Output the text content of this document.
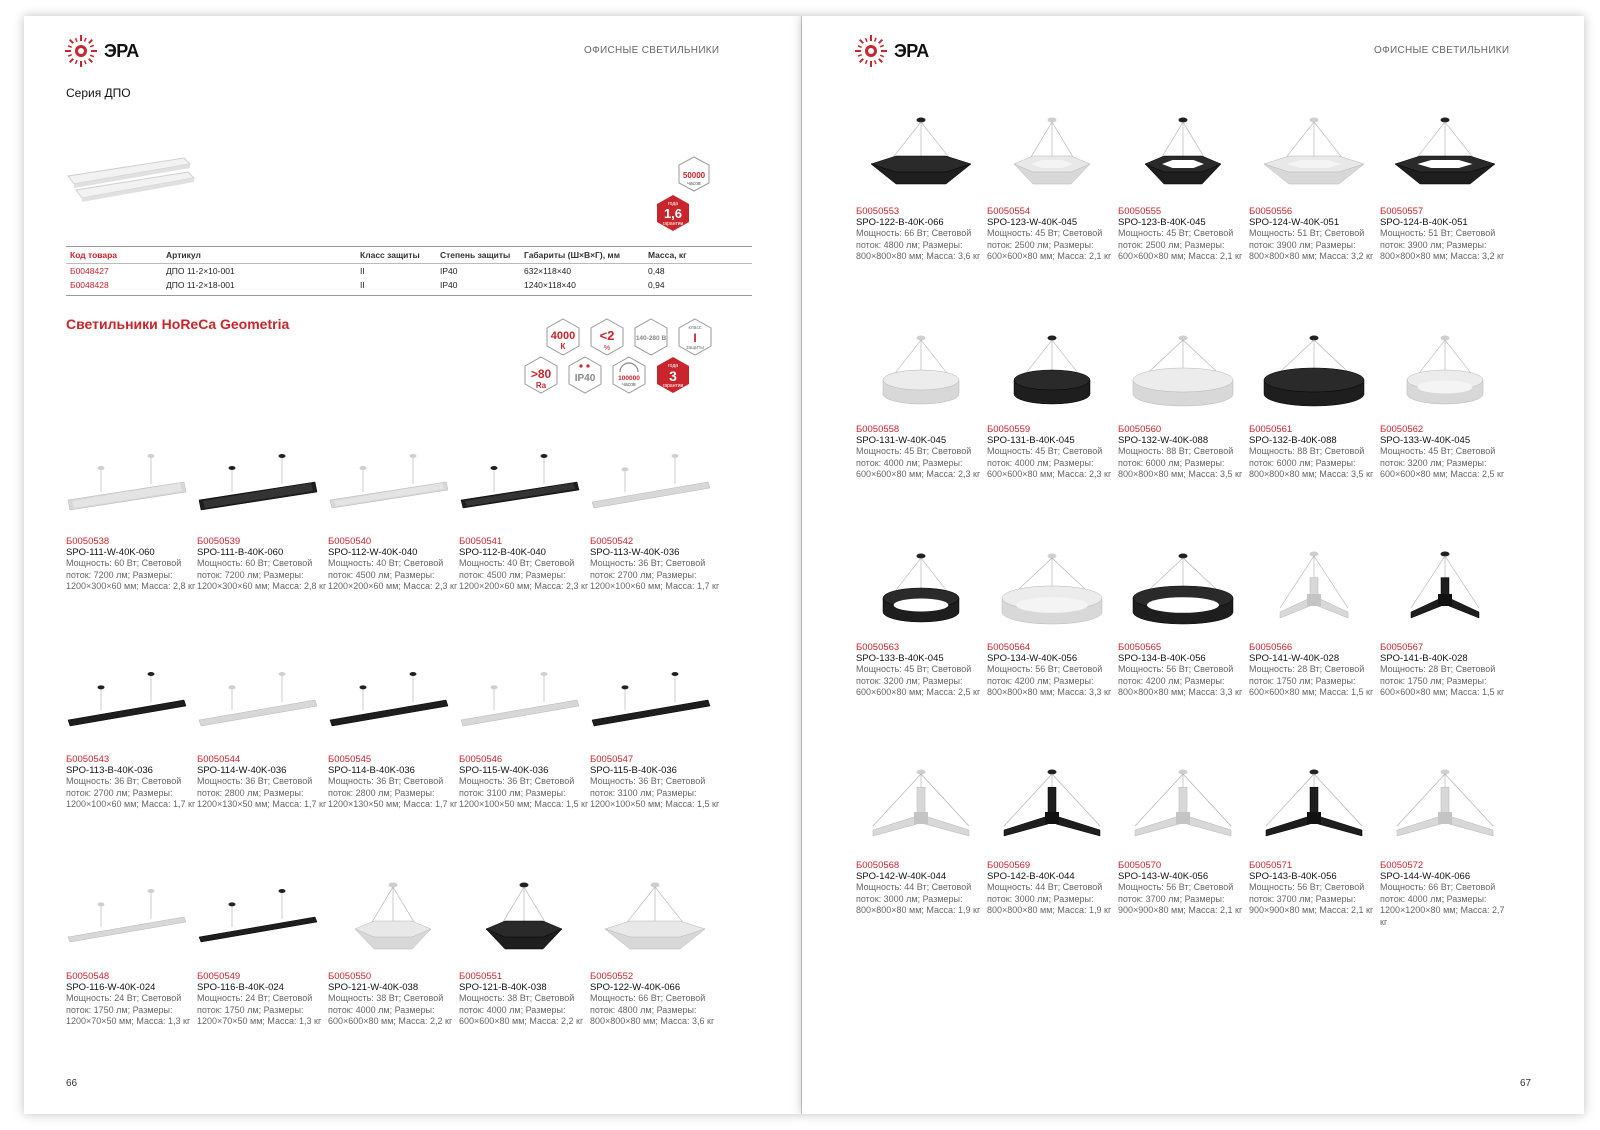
ЭРА	ОФИСНЫЕ СВЕТИЛЬНИКИ
Серия ДПО
50000
часов
года
1,6
гарантии
Код товара	Артикул	Класс защиты	Степень защиты	Габариты (Ш×В×Г), мм	Масса, кг
Б0048427	ДПО 11-2×10-001	II	IP40	632×118×40	0,48
Б0048428	ДПО 11-2×18-001	II	IP40	1240×118×40	0,94
Светильники HoReCa Geometria
4000
К
<2
%
140-280 В
класс
I
защиты
>80
Ra
IP40	100000
часов
года
3
гарантии
Б0050538
SPO-111-W-40K-060
Мощность: 60 Вт; Световой поток: 7200 лм; Размеры: 1200×300×60 мм; Масса: 2,8 кг
Б0050539
SPO-111-B-40K-060
Мощность: 60 Вт; Световой поток: 7200 лм; Размеры: 1200×300×60 мм; Масса: 2,8 кг
Б0050540
SPO-112-W-40K-040
Мощность: 40 Вт; Световой поток: 4500 лм; Размеры: 1200×200×60 мм; Масса: 2,3 кг
Б0050541
SPO-112-B-40K-040
Мощность: 40 Вт; Световой поток: 4500 лм; Размеры: 1200×200×60 мм; Масса: 2,3 кг
Б0050542
SPO-113-W-40K-036
Мощность: 36 Вт; Световой поток: 2700 лм; Размеры: 1200×100×60 мм; Масса: 1,7 кг
Б0050543
SPO-113-B-40K-036
Мощность: 36 Вт; Световой поток: 2700 лм; Размеры: 1200×100×60 мм; Масса: 1,7 кг
Б0050544
SPO-114-W-40K-036
Мощность: 36 Вт; Световой поток: 2800 лм; Размеры: 1200×130×50 мм; Масса: 1,7 кг
Б0050545
SPO-114-B-40K-036
Мощность: 36 Вт; Световой поток: 2800 лм; Размеры: 1200×130×50 мм; Масса: 1,7 кг
Б0050546
SPO-115-W-40K-036
Мощность: 36 Вт; Световой поток: 3100 лм; Размеры: 1200×100×50 мм; Масса: 1,5 кг
Б0050547
SPO-115-B-40K-036
Мощность: 36 Вт; Световой поток: 3100 лм; Размеры: 1200×100×50 мм; Масса: 1,5 кг
Б0050548
SPO-116-W-40K-024
Мощность: 24 Вт; Световой поток: 1750 лм; Размеры: 1200×70×50 мм; Масса: 1,3 кг
Б0050549
SPO-116-B-40K-024
Мощность: 24 Вт; Световой поток: 1750 лм; Размеры: 1200×70×50 мм; Масса: 1,3 кг
Б0050550
SPO-121-W-40K-038
Мощность: 38 Вт; Световой поток: 4000 лм; Размеры: 600×600×80 мм; Масса: 2,2 кг
Б0050551
SPO-121-B-40K-038
Мощность: 38 Вт; Световой поток: 4000 лм; Размеры: 600×600×80 мм; Масса: 2,2 кг
Б0050552
SPO-122-W-40K-066
Мощность: 66 Вт; Световой поток: 4800 лм; Размеры: 800×800×80 мм; Масса: 3,6 кг
66
ЭРА	ОФИСНЫЕ СВЕТИЛЬНИКИ
Б0050553
SPO-122-B-40K-066
Мощность: 66 Вт; Световой поток: 4800 лм; Размеры: 800×800×80 мм; Масса: 3,6 кг
Б0050554
SPO-123-W-40K-045
Мощность: 45 Вт; Световой поток: 2500 лм; Размеры: 600×600×80 мм; Масса: 2,1 кг
Б0050555
SPO-123-B-40K-045
Мощность: 45 Вт; Световой поток: 2500 лм; Размеры: 600×600×80 мм; Масса: 2,1 кг
Б0050556
SPO-124-W-40K-051
Мощность: 51 Вт; Световой поток: 3900 лм; Размеры: 800×800×80 мм; Масса: 3,2 кг
Б0050557
SPO-124-B-40K-051
Мощность: 51 Вт; Световой поток: 3900 лм; Размеры: 800×800×80 мм; Масса: 3,2 кг
Б0050558
SPO-131-W-40K-045
Мощность: 45 Вт; Световой поток: 4000 лм; Размеры: 600×600×80 мм; Масса: 2,3 кг
Б0050559
SPO-131-B-40K-045
Мощность: 45 Вт; Световой поток: 4000 лм; Размеры: 600×600×80 мм; Масса: 2,3 кг
Б0050560
SPO-132-W-40K-088
Мощность: 88 Вт; Световой поток: 6000 лм; Размеры: 800×800×80 мм; Масса: 3,5 кг
Б0050561
SPO-132-B-40K-088
Мощность: 88 Вт; Световой поток: 6000 лм; Размеры: 800×800×80 мм; Масса: 3,5 кг
Б0050562
SPO-133-W-40K-045
Мощность: 45 Вт; Световой поток: 3200 лм; Размеры: 600×600×80 мм; Масса: 2,5 кг
Б0050563
SPO-133-B-40K-045
Мощность: 45 Вт; Световой поток: 3200 лм; Размеры: 600×600×80 мм; Масса: 2,5 кг
Б0050564
SPO-134-W-40K-056
Мощность: 56 Вт; Световой поток: 4200 лм; Размеры: 800×800×80 мм; Масса: 3,3 кг
Б0050565
SPO-134-B-40K-056
Мощность: 56 Вт; Световой поток: 4200 лм; Размеры: 800×800×80 мм; Масса: 3,3 кг
Б0050566
SPO-141-W-40K-028
Мощность: 28 Вт; Световой поток: 1750 лм; Размеры: 600×600×80 мм; Масса: 1,5 кг
Б0050567
SPO-141-B-40K-028
Мощность: 28 Вт; Световой поток: 1750 лм; Размеры: 600×600×80 мм; Масса: 1,5 кг
Б0050568
SPO-142-W-40K-044
Мощность: 44 Вт; Световой поток: 3000 лм; Размеры: 800×800×80 мм; Масса: 1,9 кг
Б0050569
SPO-142-B-40K-044
Мощность: 44 Вт; Световой поток: 3000 лм; Размеры: 800×800×80 мм; Масса: 1,9 кг
Б0050570
SPO-143-W-40K-056
Мощность: 56 Вт; Световой поток: 3700 лм; Размеры: 900×900×80 мм; Масса: 2,1 кг
Б0050571
SPO-143-B-40K-056
Мощность: 56 Вт; Световой поток: 3700 лм; Размеры: 900×900×80 мм; Масса: 2,1 кг
Б0050572
SPO-144-W-40K-066
Мощность: 66 Вт; Световой поток: 4000 лм; Размеры: 1200×1200×80 мм; Масса: 2,7 кг
67
